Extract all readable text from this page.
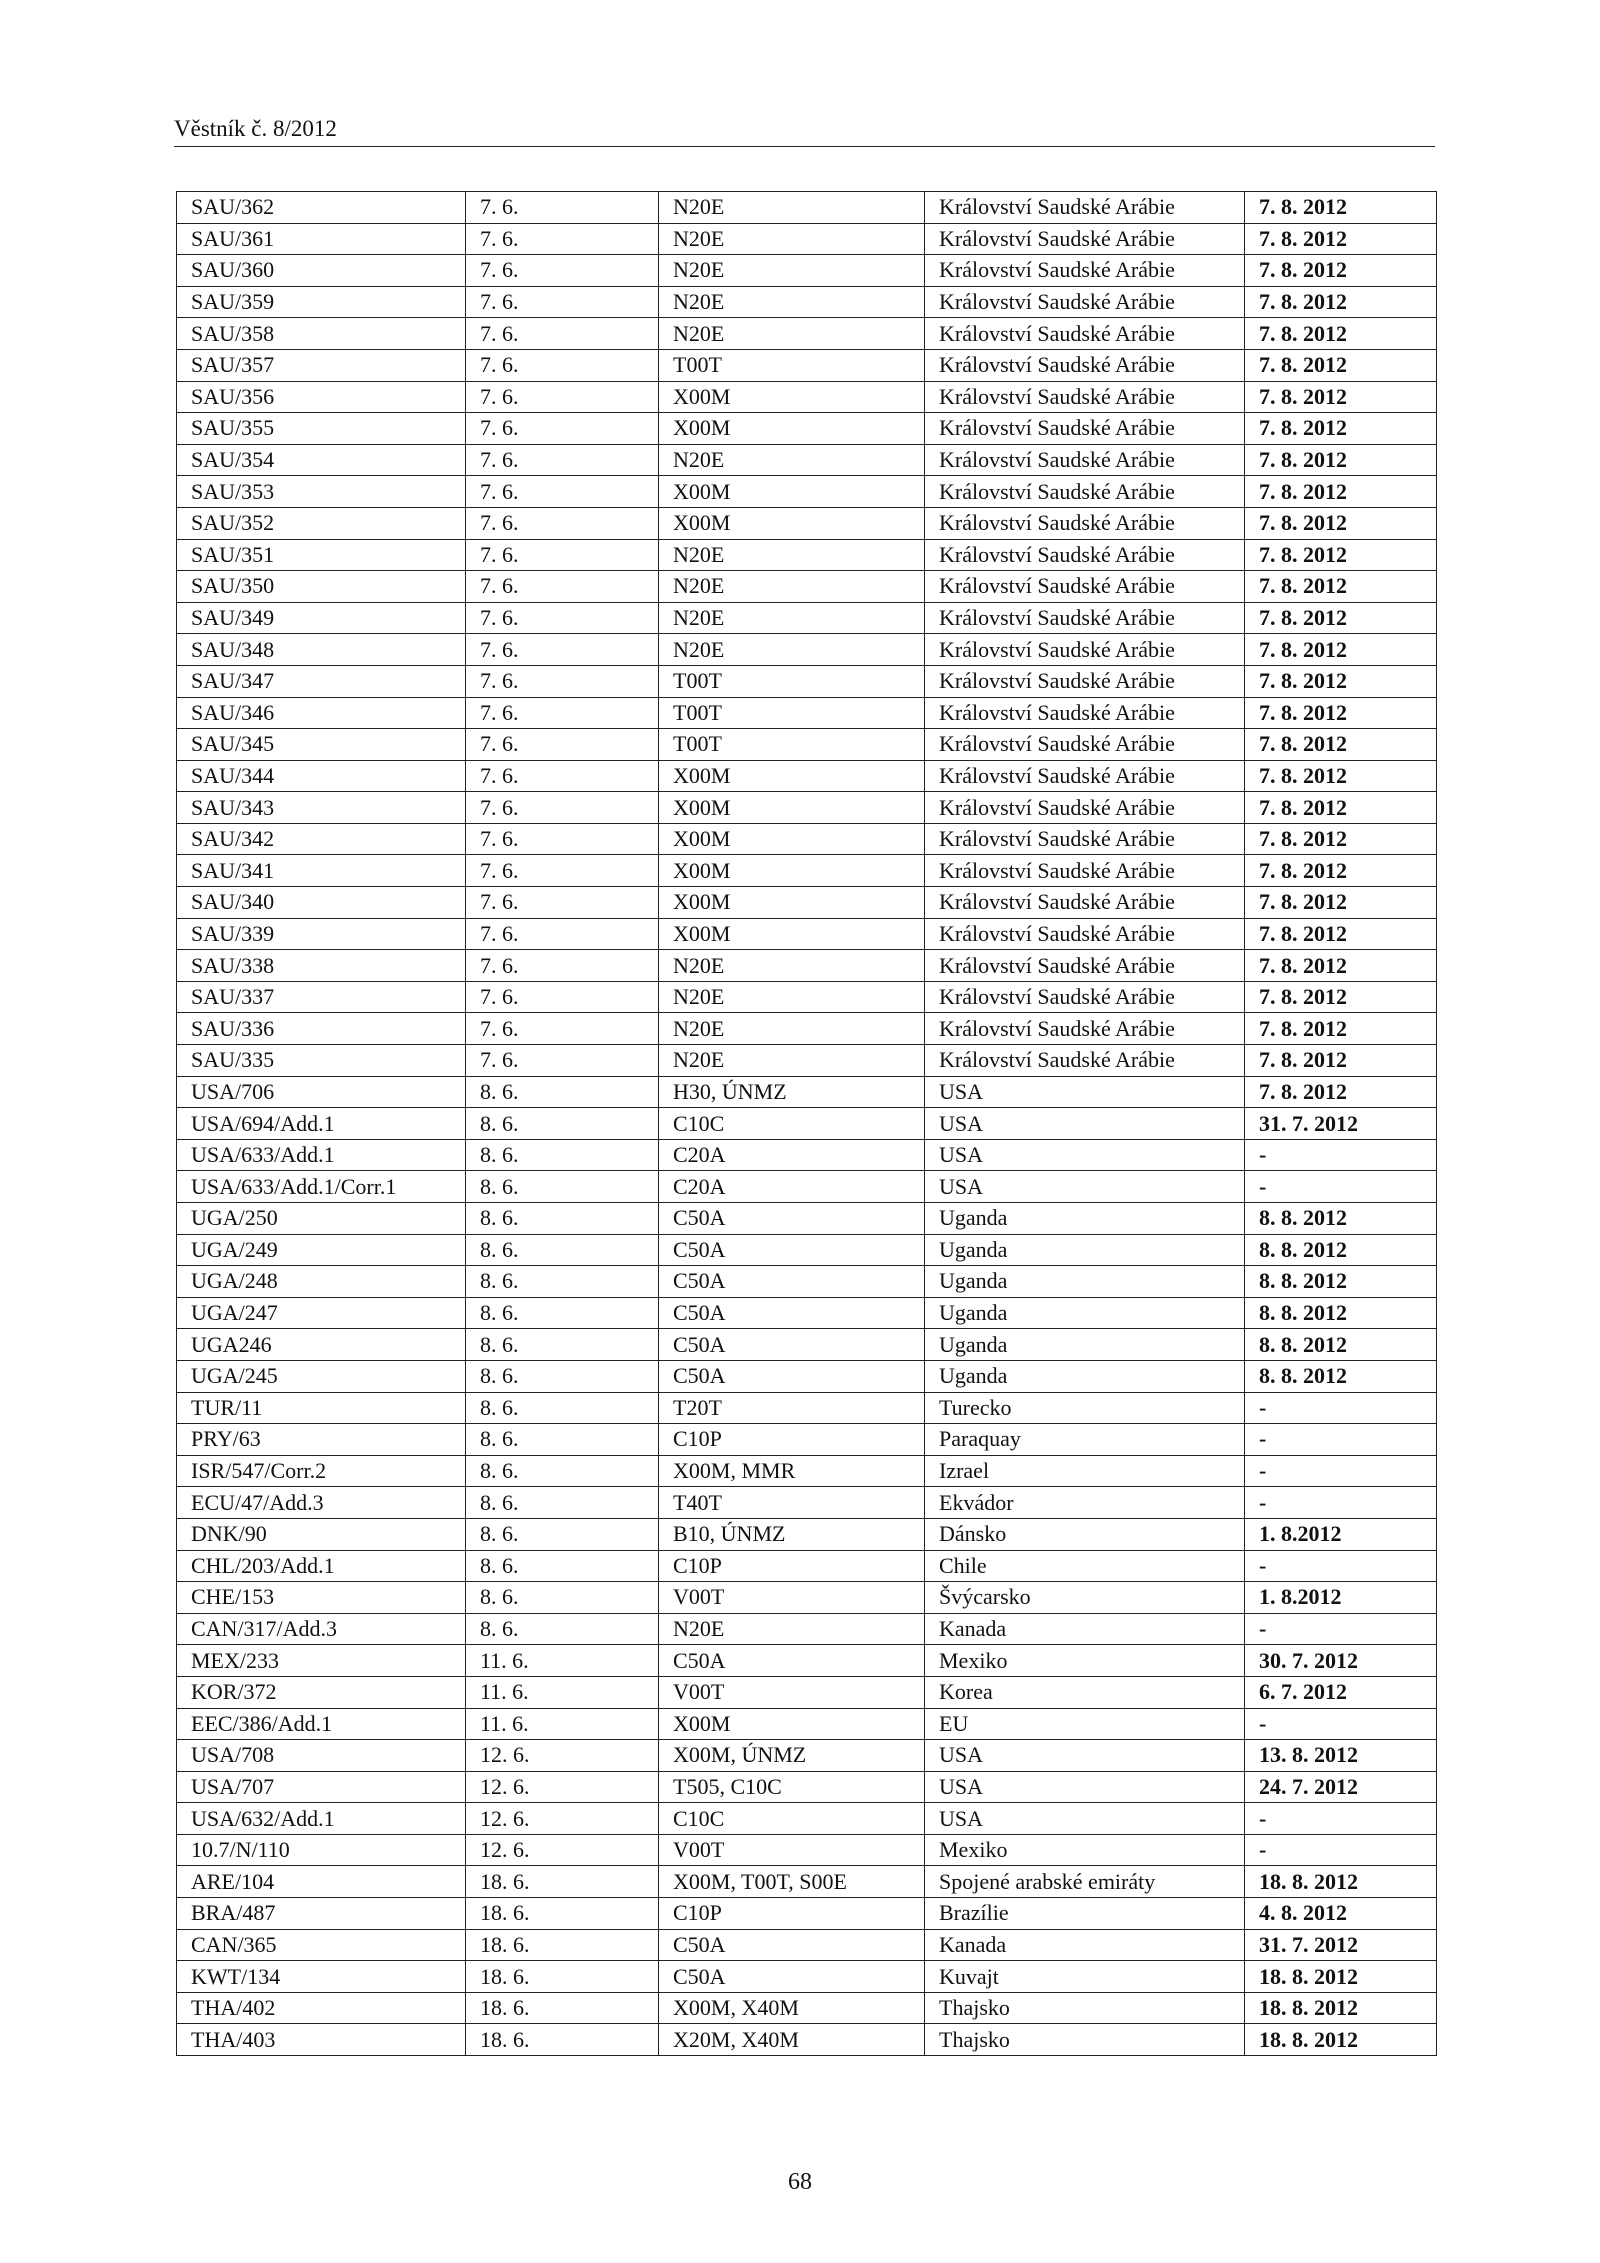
Věstník č. 8/2012
SAU/362	7. 6.	N20E	Království Saudské Arábie	7. 8. 2012
SAU/361	7. 6.	N20E	Království Saudské Arábie	7. 8. 2012
SAU/360	7. 6.	N20E	Království Saudské Arábie	7. 8. 2012
SAU/359	7. 6.	N20E	Království Saudské Arábie	7. 8. 2012
SAU/358	7. 6.	N20E	Království Saudské Arábie	7. 8. 2012
SAU/357	7. 6.	T00T	Království Saudské Arábie	7. 8. 2012
SAU/356	7. 6.	X00M	Království Saudské Arábie	7. 8. 2012
SAU/355	7. 6.	X00M	Království Saudské Arábie	7. 8. 2012
SAU/354	7. 6.	N20E	Království Saudské Arábie	7. 8. 2012
SAU/353	7. 6.	X00M	Království Saudské Arábie	7. 8. 2012
SAU/352	7. 6.	X00M	Království Saudské Arábie	7. 8. 2012
SAU/351	7. 6.	N20E	Království Saudské Arábie	7. 8. 2012
SAU/350	7. 6.	N20E	Království Saudské Arábie	7. 8. 2012
SAU/349	7. 6.	N20E	Království Saudské Arábie	7. 8. 2012
SAU/348	7. 6.	N20E	Království Saudské Arábie	7. 8. 2012
SAU/347	7. 6.	T00T	Království Saudské Arábie	7. 8. 2012
SAU/346	7. 6.	T00T	Království Saudské Arábie	7. 8. 2012
SAU/345	7. 6.	T00T	Království Saudské Arábie	7. 8. 2012
SAU/344	7. 6.	X00M	Království Saudské Arábie	7. 8. 2012
SAU/343	7. 6.	X00M	Království Saudské Arábie	7. 8. 2012
SAU/342	7. 6.	X00M	Království Saudské Arábie	7. 8. 2012
SAU/341	7. 6.	X00M	Království Saudské Arábie	7. 8. 2012
SAU/340	7. 6.	X00M	Království Saudské Arábie	7. 8. 2012
SAU/339	7. 6.	X00M	Království Saudské Arábie	7. 8. 2012
SAU/338	7. 6.	N20E	Království Saudské Arábie	7. 8. 2012
SAU/337	7. 6.	N20E	Království Saudské Arábie	7. 8. 2012
SAU/336	7. 6.	N20E	Království Saudské Arábie	7. 8. 2012
SAU/335	7. 6.	N20E	Království Saudské Arábie	7. 8. 2012
USA/706	8. 6.	H30, ÚNMZ	USA	7. 8. 2012
USA/694/Add.1	8. 6.	C10C	USA	31. 7. 2012
USA/633/Add.1	8. 6.	C20A	USA	-
USA/633/Add.1/Corr.1	8. 6.	C20A	USA	-
UGA/250	8. 6.	C50A	Uganda	8. 8. 2012
UGA/249	8. 6.	C50A	Uganda	8. 8. 2012
UGA/248	8. 6.	C50A	Uganda	8. 8. 2012
UGA/247	8. 6.	C50A	Uganda	8. 8. 2012
UGA246	8. 6.	C50A	Uganda	8. 8. 2012
UGA/245	8. 6.	C50A	Uganda	8. 8. 2012
TUR/11	8. 6.	T20T	Turecko	-
PRY/63	8. 6.	C10P	Paraquay	-
ISR/547/Corr.2	8. 6.	X00M, MMR	Izrael	-
ECU/47/Add.3	8. 6.	T40T	Ekvádor	-
DNK/90	8. 6.	B10, ÚNMZ	Dánsko	1. 8.2012
CHL/203/Add.1	8. 6.	C10P	Chile	-
CHE/153	8. 6.	V00T	Švýcarsko	1. 8.2012
CAN/317/Add.3	8. 6.	N20E	Kanada	-
MEX/233	11. 6.	C50A	Mexiko	30. 7. 2012
KOR/372	11. 6.	V00T	Korea	6. 7. 2012
EEC/386/Add.1	11. 6.	X00M	EU	-
USA/708	12. 6.	X00M, ÚNMZ	USA	13. 8. 2012
USA/707	12. 6.	T505, C10C	USA	24. 7. 2012
USA/632/Add.1	12. 6.	C10C	USA	-
10.7/N/110	12. 6.	V00T	Mexiko	-
ARE/104	18. 6.	X00M, T00T, S00E	Spojené arabské emiráty	18. 8. 2012
BRA/487	18. 6.	C10P	Brazílie	4. 8. 2012
CAN/365	18. 6.	C50A	Kanada	31. 7. 2012
KWT/134	18. 6.	C50A	Kuvajt	18. 8. 2012
THA/402	18. 6.	X00M, X40M	Thajsko	18. 8. 2012
THA/403	18. 6.	X20M, X40M	Thajsko	18. 8. 2012
68
